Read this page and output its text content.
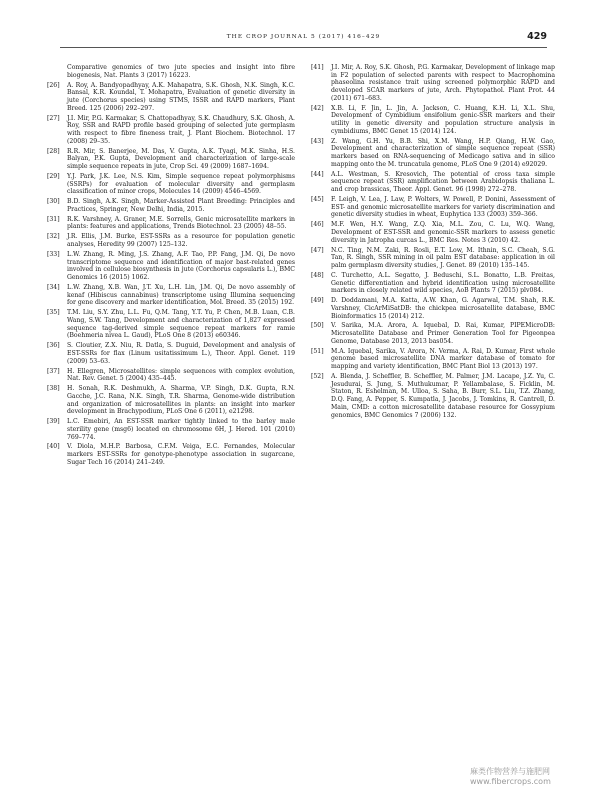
THE CROP JOURNAL 5 (2017) 416–429	429
Comparative genomics of two jute species and insight into fibre biogenesis, Nat. Plants 3 (2017) 16223.
[26] A. Roy, A. Bandyopadhyay, A.K. Mahapatra, S.K. Ghosh, N.K. Singh, K.C. Bansal, K.R. Koundal, T. Mohapatra, Evaluation of genetic diversity in jute (Corchorus species) using STMS, ISSR and RAPD markers, Plant Breed. 125 (2006) 292–297.
[27] J.I. Mir, P.G. Karmakar, S. Chattopadhyay, S.K. Chaudhury, S.K. Ghosh, A. Roy, SSR and RAPD profile based grouping of selected jute germplasm with respect to fibre fineness trait, J. Plant Biochem. Biotechnol. 17 (2008) 29–35.
[28] R.R. Mir, S. Banerjee, M. Das, V. Gupta, A.K. Tyagi, M.K. Sinha, H.S. Balyan, P.K. Gupta, Development and characterization of large-scale simple sequence repeats in jute, Crop Sci. 49 (2009) 1687–1694.
[29] Y.J. Park, J.K. Lee, N.S. Kim, Simple sequence repeat polymorphisms (SSRPs) for evaluation of molecular diversity and germplasm classification of minor crops, Molecules 14 (2009) 4546–4569.
[30] B.D. Singh, A.K. Singh, Marker-Assisted Plant Breeding: Principles and Practices, Springer, New Delhi, India, 2015.
[31] R.K. Varshney, A. Graner, M.E. Sorrells, Genic microsatellite markers in plants: features and applications, Trends Biotechnol. 23 (2005) 48–55.
[32] J.R. Ellis, J.M. Burke, EST-SSRs as a resource for population genetic analyses, Heredity 99 (2007) 125–132.
[33] L.W. Zhang, R. Ming, J.S. Zhang, A.F. Tao, P.P. Fang, J.M. Qi, De novo transcriptome sequence and identification of major bast-related genes involved in cellulose biosynthesis in jute (Corchorus capsularis L.), BMC Genomics 16 (2015) 1062.
[34] L.W. Zhang, X.B. Wan, J.T. Xu, L.H. Lin, J.M. Qi, De novo assembly of kenaf (Hibiscus cannabinus) transcriptome using Illumina sequencing for gene discovery and marker identification, Mol. Breed. 35 (2015) 192.
[35] T.M. Liu, S.Y. Zhu, L.L. Fu, Q.M. Tang, Y.T. Yu, P. Chen, M.B. Luan, C.B. Wang, S.W. Tang, Development and characterization of 1,827 expressed sequence tag-derived simple sequence repeat markers for ramie (Boehmeria nivea L. Gaud), PLoS One 8 (2013) e60346.
[36] S. Cloutier, Z.X. Niu, R. Datla, S. Duguid, Development and analysis of EST-SSRs for flax (Linum usitatissimum L.), Theor. Appl. Genet. 119 (2009) 53–63.
[37] H. Ellegren, Microsatellites: simple sequences with complex evolution, Nat. Rev. Genet. 5 (2004) 435–445.
[38] H. Sonah, R.K. Deshmukh, A. Sharma, V.P. Singh, D.K. Gupta, R.N. Gacche, J.C. Rana, N.K. Singh, T.R. Sharma, Genome-wide distribution and organization of microsatellites in plants: an insight into marker development in Brachypodium, PLoS One 6 (2011), e21298.
[39] L.C. Emebiri, An EST-SSR marker tightly linked to the barley male sterility gene (msg6) located on chromosome 6H, J. Hered. 101 (2010) 769–774.
[40] V. Diola, M.H.P. Barbosa, C.F.M. Veiga, E.C. Fernandes, Molecular markers EST-SSRs for genotype-phenotype association in sugarcane, Sugar Tech 16 (2014) 241–249.
[41] J.I. Mir, A. Roy, S.K. Ghosh, P.G. Karmakar, Development of linkage map in F2 population of selected parents with respect to Macrophomina phaseolina resistance trait using screened polymorphic RAPD and developed SCAR markers of jute, Arch. Phytopathol. Plant Prot. 44 (2011) 671–683.
[42] X.B. Li, F. Jin, L. Jin, A. Jackson, C. Huang, K.H. Li, X.L. Shu, Development of Cymbidium ensifolium genic-SSR markers and their utility in genetic diversity and population structure analysis in cymbidiums, BMC Genet 15 (2014) 124.
[43] Z. Wang, G.H. Yu, B.B. Shi, X.M. Wang, H.P. Qiang, H.W. Gao, Development and characterization of simple sequence repeat (SSR) markers based on RNA-sequencing of Medicago sativa and in silico mapping onto the M. truncatula genome, PLoS One 9 (2014) e92029.
[44] A.L. Westman, S. Kresovich, The potential of cross taxa simple sequence repeat (SSR) amplification between Arabidopsis thaliana L. and crop brassicas, Theor. Appl. Genet. 96 (1998) 272–278.
[45] F. Leigh, V. Lea, J. Law, P. Wolters, W. Powell, P. Donini, Assessment of EST- and genomic microsatellite markers for variety discrimination and genetic diversity studies in wheat, Euphytica 133 (2003) 359–366.
[46] M.F. Wen, H.Y. Wang, Z.Q. Xia, M.L. Zou, C. Lu, W.Q. Wang, Development of EST-SSR and genomic-SSR markers to assess genetic diversity in Jatropha curcas L., BMC Res. Notes 3 (2010) 42.
[47] N.C. Ting, N.M. Zaki, R. Rosli, E.T. Low, M. Ithnin, S.C. Cheah, S.G. Tan, R. Singh, SSR mining in oil palm EST database: application in oil palm germplasm diversity studies, J. Genet. 89 (2010) 135–145.
[48] C. Turchetto, A.L. Segatto, J. Beduschi, S.L. Bonatto, L.B. Freitas, Genetic differentiation and hybrid identification using microsatellite markers in closely related wild species, AoB Plants 7 (2015) plv084.
[49] D. Doddamani, M.A. Katta, A.W. Khan, G. Agarwal, T.M. Shah, R.K. Varshney, CicArMiSatDB: the chickpea microsatellite database, BMC Bioinformatics 15 (2014) 212.
[50] V. Sarika, M.A. Arora, A. Iquebal, D. Rai, Kumar, PIPEMicroDB: Microsatellite Database and Primer Generation Tool for Pigeonpea Genome, Database 2013, 2013 bas054.
[51] M.A. Iquebal, Sarika, V. Arora, N. Verma, A. Rai, D. Kumar, First whole genome based microsatellite DNA marker database of tomato for mapping and variety identification, BMC Plant Biol 13 (2013) 197.
[52] A. Blenda, J. Scheffler, B. Scheffler, M. Palmer, J.M. Lacape, J.Z. Yu, C. Jesudurai, S. Jung, S. Muthukumar, P. Yellambalase, S. Ficklin, M. Staton, R. Eshelman, M. Ulloa, S. Saha, B. Burr, S.L. Liu, T.Z. Zhang, D.Q. Fang, A. Pepper, S. Kumpatla, J. Jacobs, J. Tomkins, R. Cantrell, D. Main, CMD: a cotton microsatellite database resource for Gossypium genomics, BMC Genomics 7 (2006) 132.
麻类作物营养与施肥网 www.fibercrops.com
